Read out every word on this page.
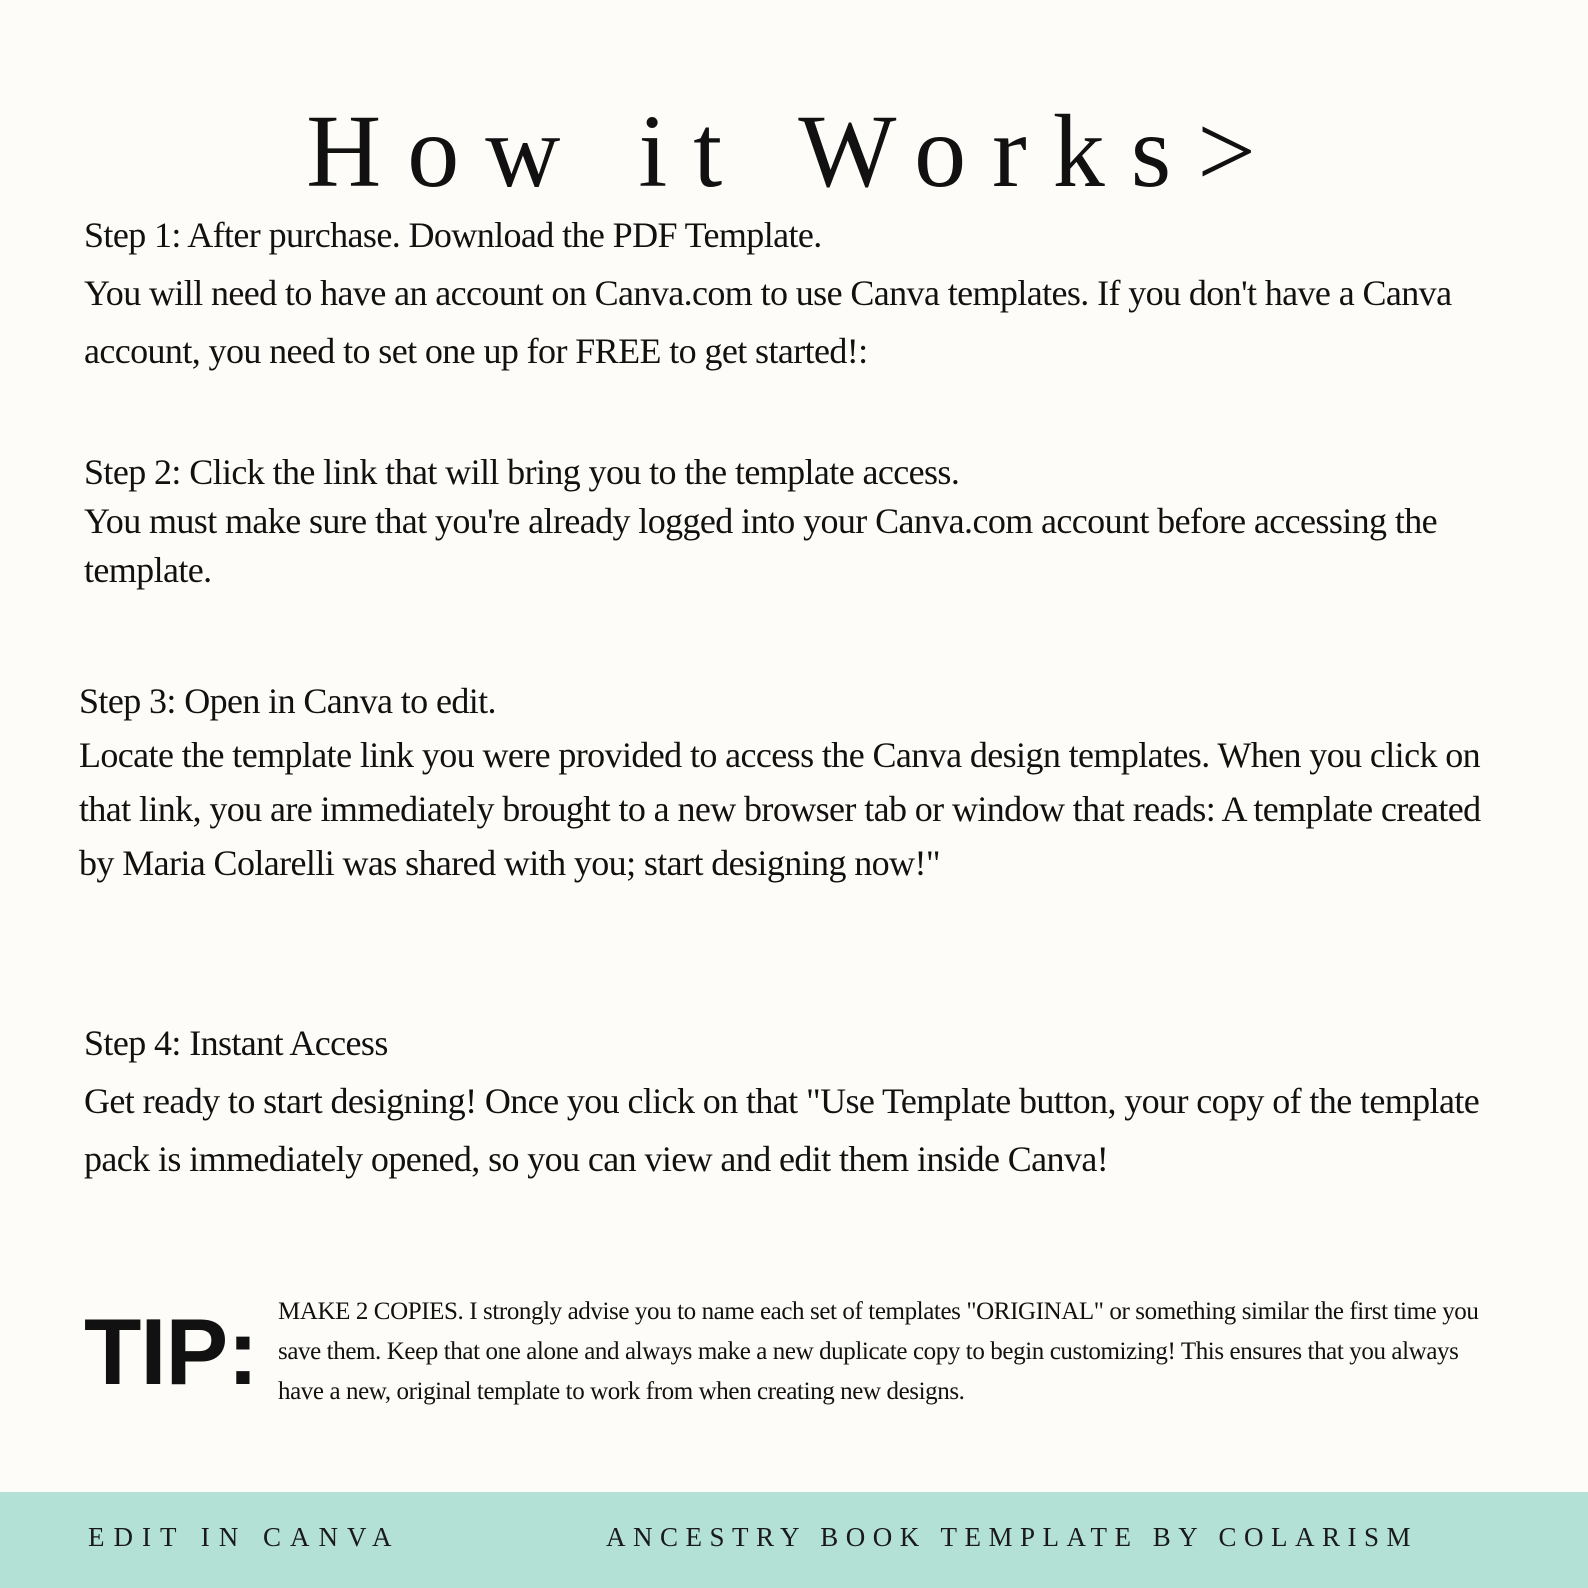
How it Works>

Step 1: After purchase. Download the PDF Template.

You will need to have an account on Canva.com to use Canva templates. If you don't have a Canva account, you need to set one up for FREE to get started!:

Step 2: Click the link that will bring you to the template access.

You must make sure that you're already logged into your Canva.com account before accessing the template.

Step 3: Open in Canva to edit.

Locate the template link you were provided to access the Canva design templates. When you click on that link, you are immediately brought to a new browser tab or window that reads: A template created by Maria Colarelli was shared with you; start designing now!"

Step 4: Instant Access

Get ready to start designing! Once you click on that "Use Template button, your copy of the template pack is immediately opened, so you can view and edit them inside Canva!

TIP: MAKE 2 COPIES. I strongly advise you to name each set of templates "ORIGINAL" or something similar the first time you save them. Keep that one alone and always make a new duplicate copy to begin customizing! This ensures that you always have a new, original template to work from when creating new designs.
EDIT IN CANVA	ANCESTRY BOOK TEMPLATE BY COLARISM
